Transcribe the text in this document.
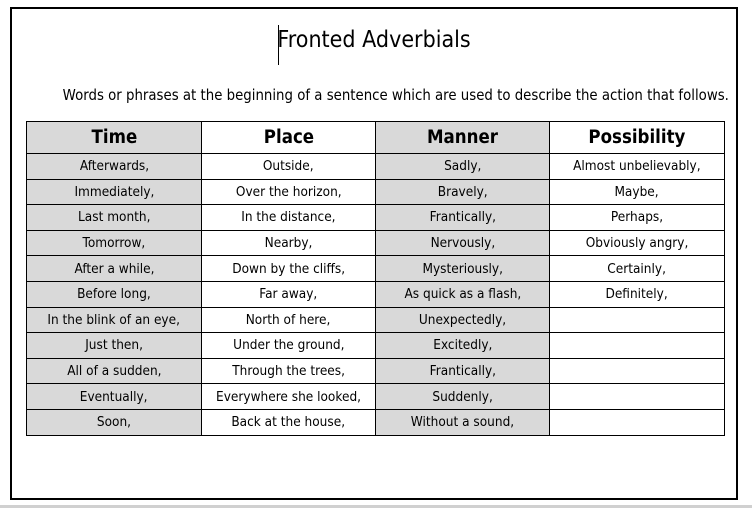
Fronted Adverbials
Words or phrases at the beginning of a sentence which are used to describe the action that follows.
Time	Place	Manner	Possibility
Afterwards,	Outside,	Sadly,	Almost unbelievably,
Immediately,	Over the horizon,	Bravely,	Maybe,
Last month,	In the distance,	Frantically,	Perhaps,
Tomorrow,	Nearby,	Nervously,	Obviously angry,
After a while,	Down by the cliffs,	Mysteriously,	Certainly,
Before long,	Far away,	As quick as a flash,	Definitely,
In the blink of an eye,	North of here,	Unexpectedly,	
Just then,	Under the ground,	Excitedly,	
All of a sudden,	Through the trees,	Frantically,	
Eventually,	Everywhere she looked,	Suddenly,	
Soon,	Back at the house,	Without a sound,	
